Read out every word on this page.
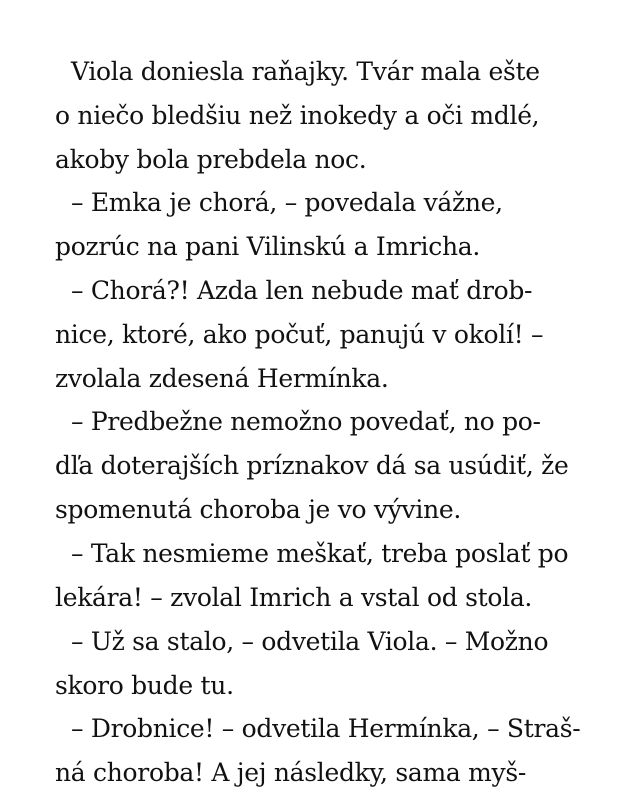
Viola doniesla raňajky. Tvár mala ešte
o niečo bledšiu než inokedy a oči mdlé,
akoby bola prebdela noc.
– Emka je chorá, – povedala vážne,
pozrúc na pani Vilinskú a Imricha.
– Chorá?! Azda len nebude mať drob-
nice, ktoré, ako počuť, panujú v okolí! –
zvolala zdesená Hermínka.
– Predbežne nemožno povedať, no po-
dľa doterajších príznakov dá sa usúdiť, že
spomenutá choroba je vo vývine.
– Tak nesmieme meškať, treba poslať po
lekára! – zvolal Imrich a vstal od stola.
– Už sa stalo, – odvetila Viola. – Možno
skoro bude tu.
– Drobnice! – odvetila Hermínka, – Straš-
ná choroba! A jej následky, sama myš-
